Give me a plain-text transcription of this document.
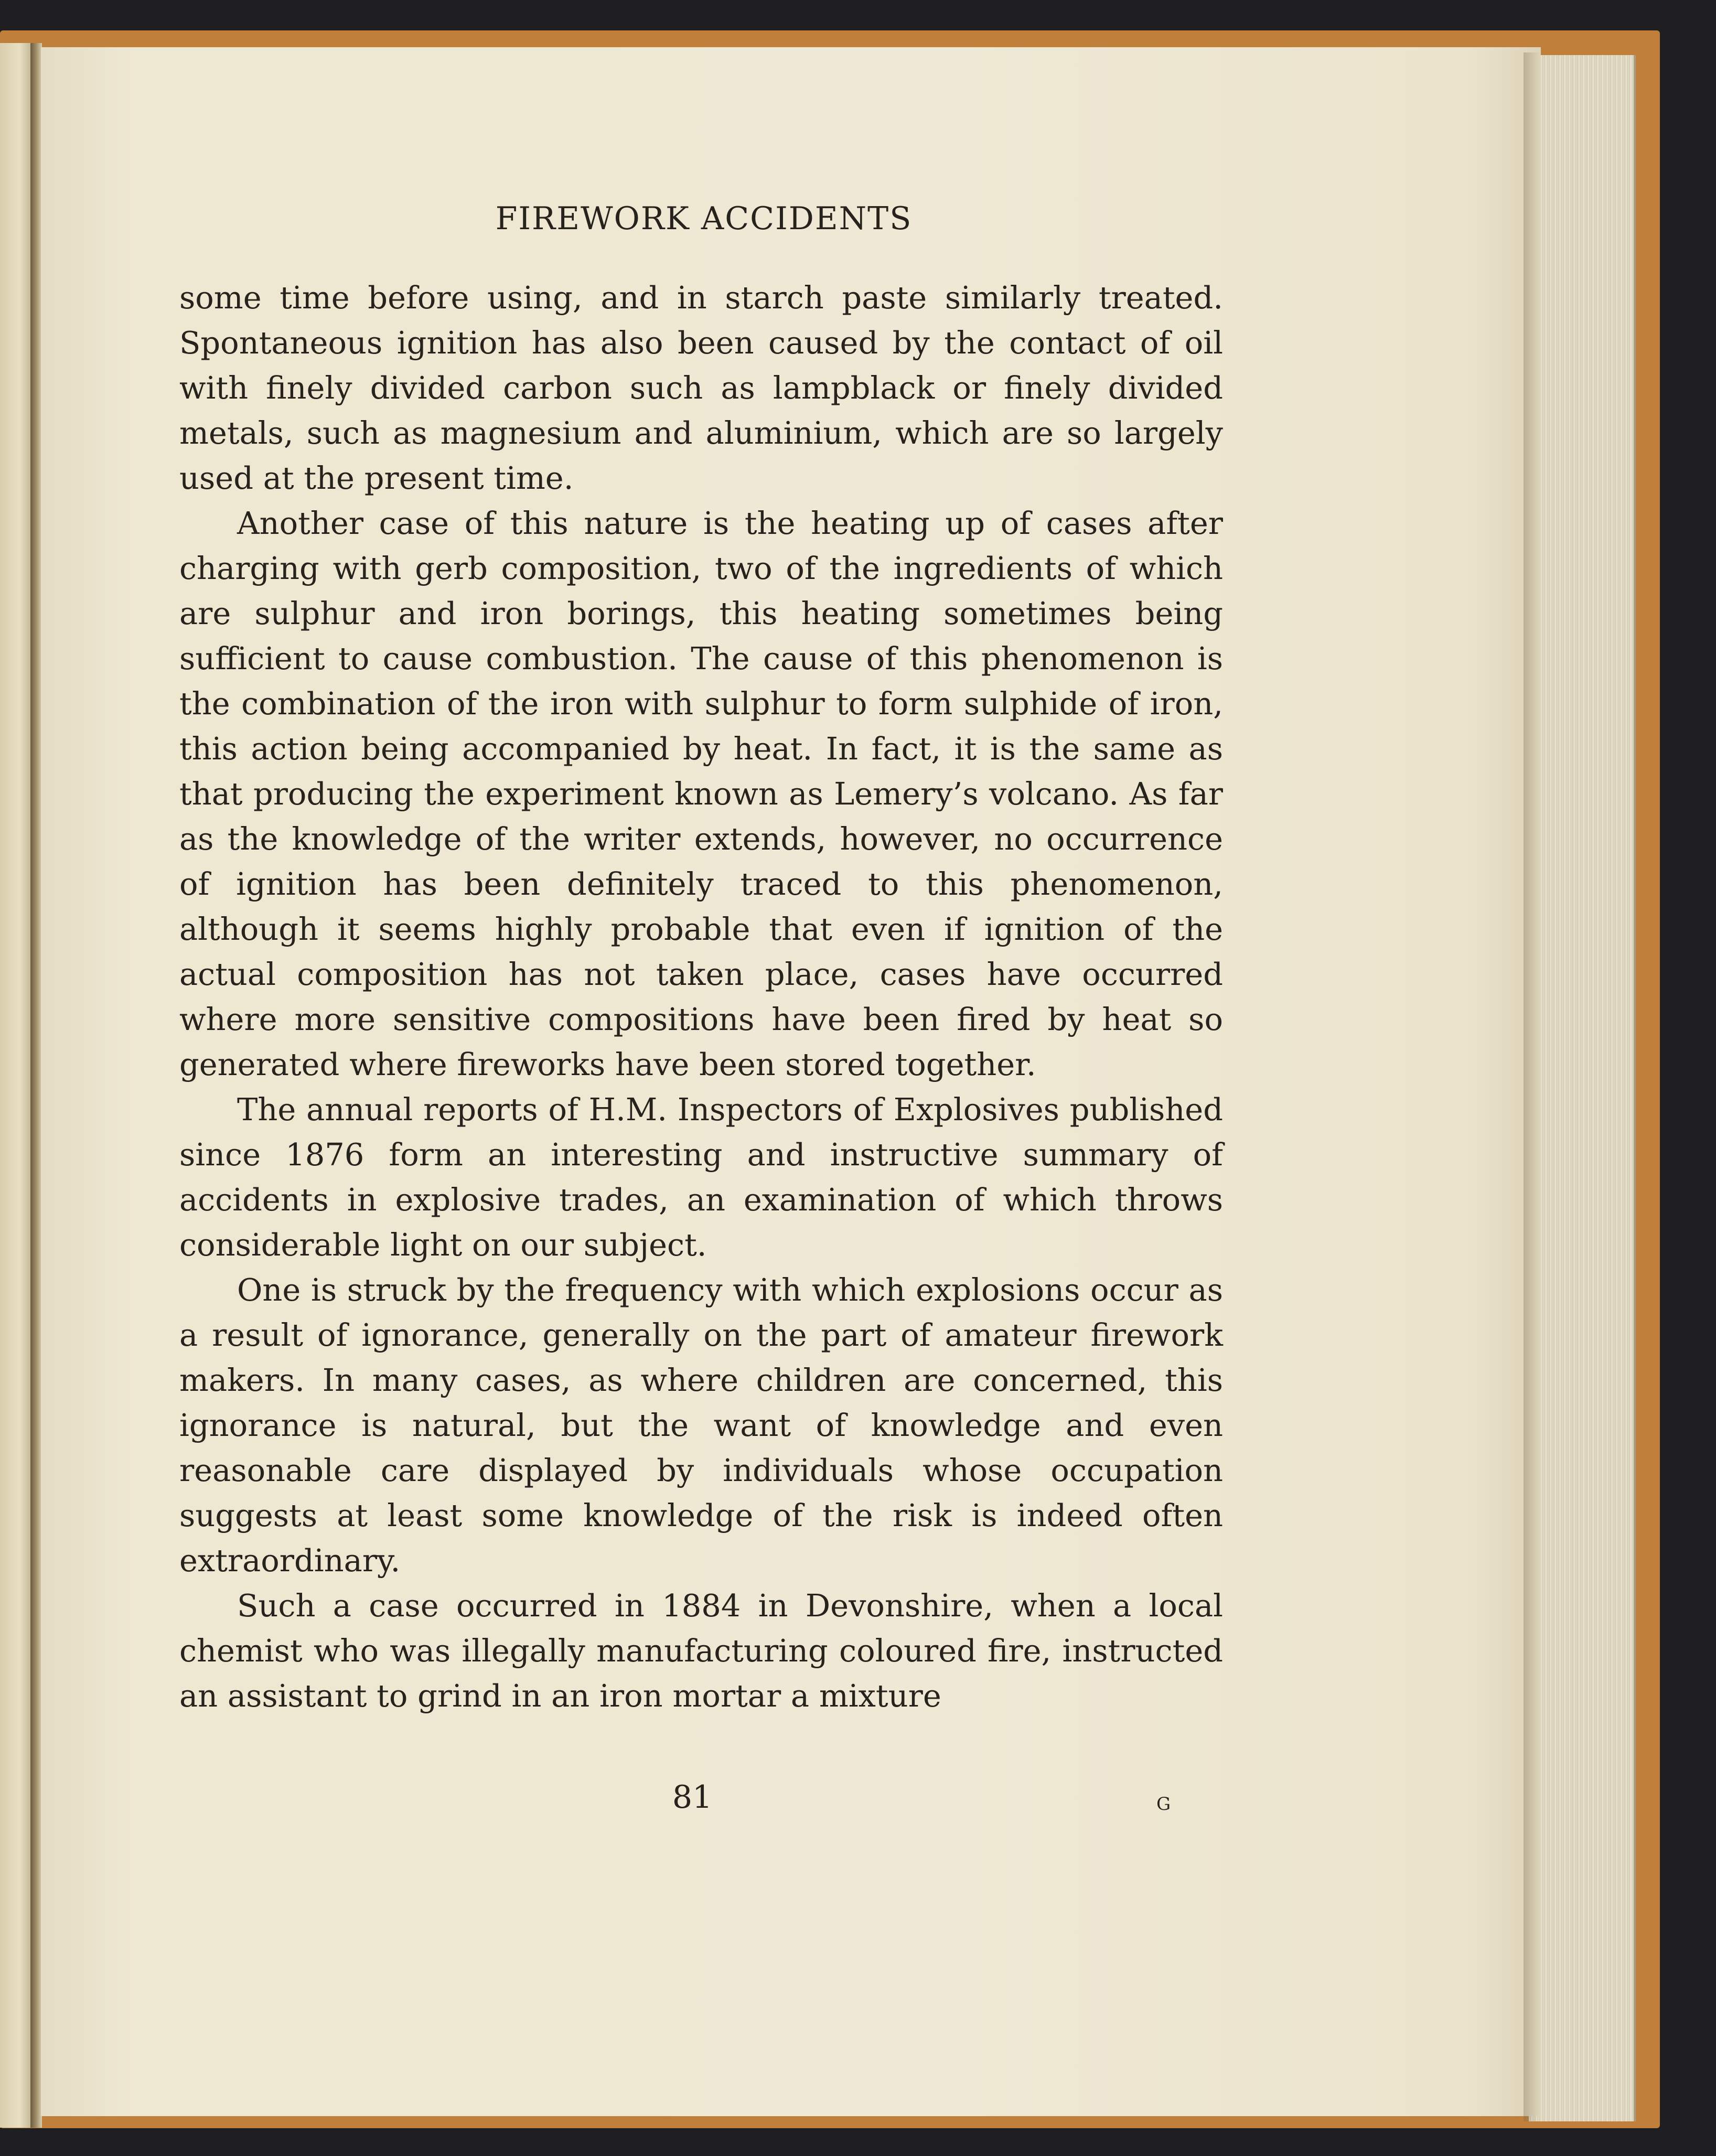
FIREWORK ACCIDENTS

some time before using, and in starch paste similarly treated. Spontaneous ignition has also been caused by the contact of oil with finely divided carbon such as lampblack or finely divided metals, such as magnesium and aluminium, which are so largely used at the present time.

Another case of this nature is the heating up of cases after charging with gerb composition, two of the ingredients of which are sulphur and iron borings, this heating sometimes being sufficient to cause combustion. The cause of this phenomenon is the combination of the iron with sulphur to form sulphide of iron, this action being accompanied by heat. In fact, it is the same as that producing the experiment known as Lemery’s volcano. As far as the knowledge of the writer extends, however, no occurrence of ignition has been definitely traced to this phenomenon, although it seems highly probable that even if ignition of the actual composition has not taken place, cases have occurred where more sensitive compositions have been fired by heat so generated where fireworks have been stored together.

The annual reports of H.M. Inspectors of Explosives published since 1876 form an interesting and instructive summary of accidents in explosive trades, an examination of which throws considerable light on our subject.

One is struck by the frequency with which explosions occur as a result of ignorance, generally on the part of amateur firework makers. In many cases, as where children are concerned, this ignorance is natural, but the want of knowledge and even reasonable care displayed by individuals whose occupation suggests at least some knowledge of the risk is indeed often extraordinary.

Such a case occurred in 1884 in Devonshire, when a local chemist who was illegally manufacturing coloured fire, instructed an assistant to grind in an iron mortar a mixture

81	G
